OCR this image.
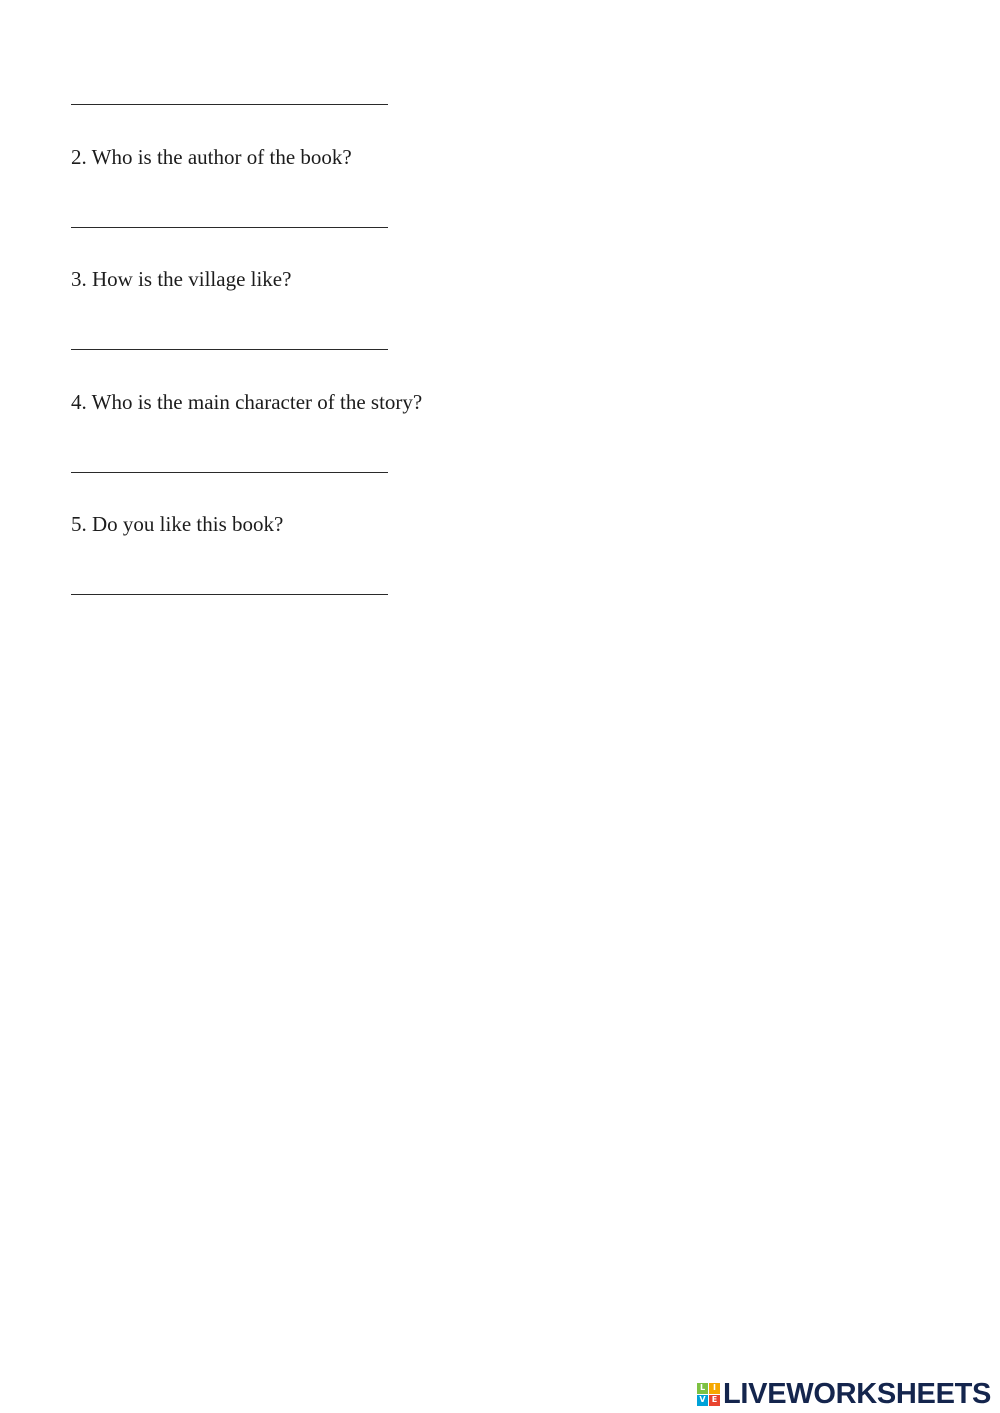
2. Who is the author of the book?
3. How is the village like?
4. Who is the main character of the story?
5. Do you like this book?
L I
V E LIVEWORKSHEETS
